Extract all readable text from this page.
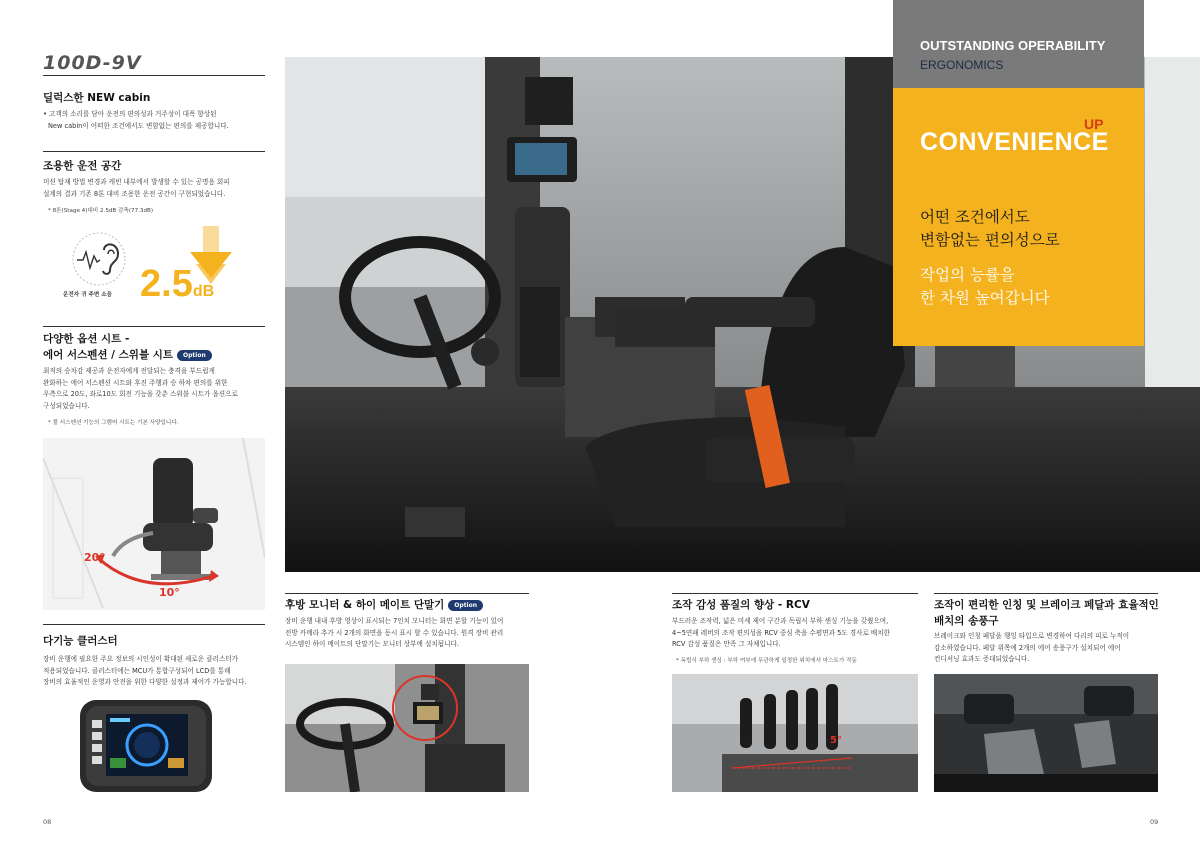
100D-9V
딜럭스한 NEW cabin
• 고객의 소리를 담아 운전의 편의성과 거주성이 대폭 향상된
New cabin이 어떠한 조건에서도 변함없는 편의를 제공합니다.
조용한 운전 공간
미션 탑재 방법 변경과 캐빈 내부에서 발생할 수 있는 공명음 회피
설계의 결과 기존 8톤 대비 조용한 운전 공간이 구현되었습니다.
* 8톤(Stage 4)대비 2.5dB 감축(77.3dB)
운전자 귀 주변 소음 2.5dB
다양한 옵션 시트 -
에어 서스펜션 / 스위블 시트 Option
최적의 승차감 제공과 운전자에게 전달되는 충격을 부드럽게
완화하는 에어 서스펜션 시트와 후진 주행과 승 하차 편의를 위한
우측으로 20도, 좌로10도 회전 기능을 갖춘 스위블 시트가 옵션으로
구성되었습니다.
* 풀 서스펜션 기능의 그램머 시트는 기본 사양입니다.
20°
10°
다기능 클러스터
장비 운행에 필요한 주요 정보의 시인성이 확대된 새로운 클러스터가
적용되었습니다. 클러스터에는 MCU가 통합구성되어 LCD를 통해
장비의 효율적인 운영과 안전을 위한 다양한 설정과 제어가 가능합니다.
08
OUTSTANDING OPERABILITY
ERGONOMICS
CONVENIENCE
UP
어떤 조건에서도
변함없는 편의성으로
작업의 능률을
한 차원 높여갑니다
후방 모니터 & 하이 메이트 단말기 Option
장비 운행 내내 후방 영상이 표시되는 7인치 모니터는 화면 분할 기능이 있어
전방 카메라 추가 시 2개의 화면을 동시 표시 할 수 있습니다. 원격 장비 관리
시스템인 하이 메이트의 단말기는 모니터 상부에 설치됩니다.
조작 감성 품질의 향상 - RCV
부드러운 조작력, 넓은 미세 제어 구간과 독립식 부하 센싱 기능을 갖췄으며,
4~5연패 레버의 조작 편의성을 RCV 중심 축을 수평면과 5도 경사로 배치한
RCV 감성 품질은 만족 그 자체입니다.
* 독립식 부하 센싱 : 부하 여부에 무관하게 일정한 위치에서 마스트가 작동
5°
조작이 편리한 인칭 및 브레이크 페달과 효율적인
배치의 송풍구
브레이크와 인칭 페달을 행잉 타입으로 변경하여 다리의 피로 누적이
감소하였습니다. 페달 위쪽에 2개의 에어 송풍구가 설치되어 에어
컨디셔닝 효과도 증대되었습니다.
09
